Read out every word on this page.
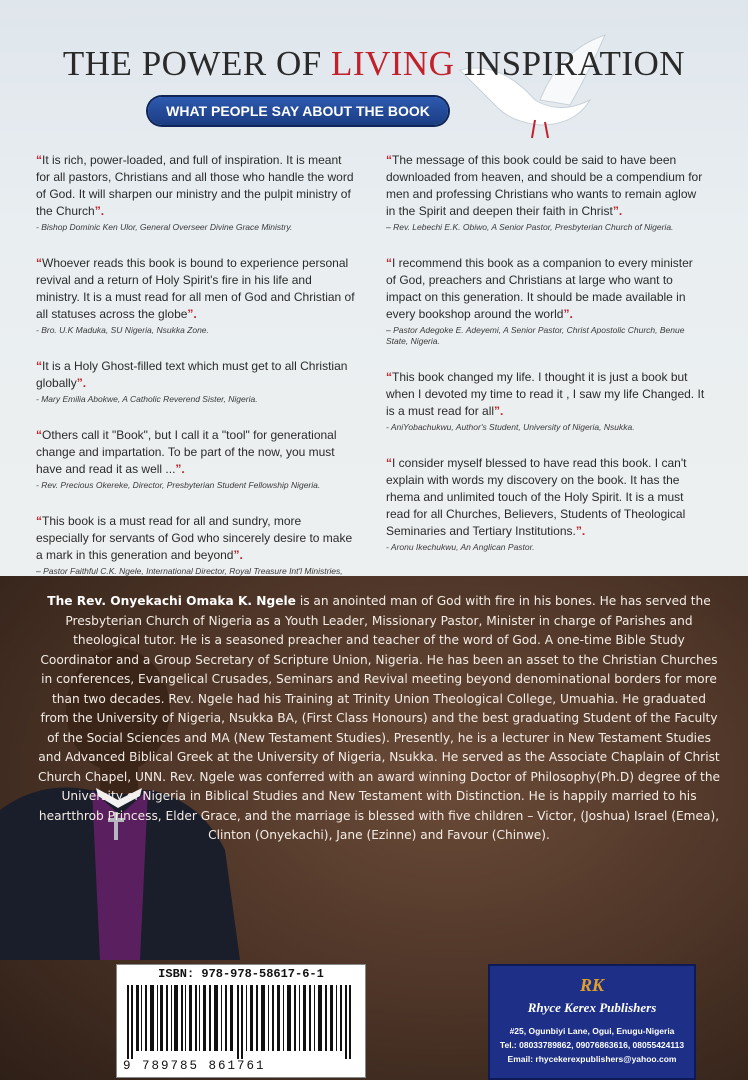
THE POWER OF LIVING INSPIRATION
WHAT PEOPLE SAY ABOUT THE BOOK
“ It is rich, power-loaded, and full of inspiration. It is meant for all pastors, Christians and all those who handle the word of God. It will sharpen our ministry and the pulpit ministry of the Church ”.
- Bishop Dominic Ken Ulor, General Overseer Divine Grace Ministry.
“ Whoever reads this book is bound to experience personal revival and a return of Holy Spirit's fire in his life and ministry. It is a must read for all men of God and Christian of all statuses across the globe ”.
- Bro. U.K Maduka, SU Nigeria, Nsukka Zone.
“ It is a Holy Ghost-filled text which must get to all Christian globally ”.
- Mary Emilia Abokwe, A Catholic Reverend Sister, Nigeria.
“ Others call it "Book", but I call it a "tool" for generational change and impartation. To be part of the now, you must have and read it as well ... ”.
- Rev. Precious Okereke, Director, Presbyterian Student Fellowship Nigeria.
“ This book is a must read for all and sundry, more especially for servants of God who sincerely desire to make a mark in this generation and beyond ”.
– Pastor Faithful C.K. Ngele, International Director, Royal Treasure Int'l Ministries,
“ The message of this book could be said to have been downloaded from heaven, and should be a compendium for men and professing Christians who wants to remain aglow in the Spirit and deepen their faith in Christ ”.
– Rev. Lebechi E.K. Obiwo, A Senior Pastor, Presbyterian Church of Nigeria.
“ I recommend this book as a companion to every minister of God, preachers and Christians at large who want to impact on this generation. It should be made available in every bookshop around the world ”.
– Pastor Adegoke E. Adeyemi, A Senior Pastor, Christ Apostolic Church, Benue State, Nigeria.
“ This book changed my life. I thought it is just a book but when I devoted my time to read it , I saw my life Changed. It is a must read for all ”.
- AniYobachukwu, Author's Student, University of Nigeria, Nsukka.
“ I consider myself blessed to have read this book. I can't explain with words my discovery on the book. It has the rhema and unlimited touch of the Holy Spirit. It is a must read for all Churches, Believers, Students of Theological Seminaries and Tertiary Institutions. ”.
- Aronu Ikechukwu, An Anglican Pastor.
The Rev. Onyekachi Omaka K. Ngele is an anointed man of God with fire in his bones. He has served the Presbyterian Church of Nigeria as a Youth Leader, Missionary Pastor, Minister in charge of Parishes and theological tutor. He is a seasoned preacher and teacher of the word of God. A one-time Bible Study Coordinator and a Group Secretary of Scripture Union, Nigeria. He has been an asset to the Christian Churches in conferences, Evangelical Crusades, Seminars and Revival meeting beyond denominational borders for more than two decades. Rev. Ngele had his Training at Trinity Union Theological College, Umuahia. He graduated from the University of Nigeria, Nsukka BA, (First Class Honours) and the best graduating Student of the Faculty of the Social Sciences and MA (New Testament Studies). Presently, he is a lecturer in New Testament Studies and Advanced Biblical Greek at the University of Nigeria, Nsukka. He served as the Associate Chaplain of Christ Church Chapel, UNN. Rev. Ngele was conferred with an award winning Doctor of Philosophy(Ph.D) degree of the University of Nigeria in Biblical Studies and New Testament with Distinction. He is happily married to his heartthrob Princess, Elder Grace, and the marriage is blessed with five children – Victor, (Joshua) Israel (Emea), Clinton (Onyekachi), Jane (Ezinne) and Favour (Chinwe).
ISBN: 978-978-58617-6-1
9 789785 861761
RK
Rhyce Kerex Publishers
#25, Ogunbiyi Lane, Ogui, Enugu-Nigeria
Tel.: 08033789862, 09076863616, 08055424113
Email: rhycekerexpublishers@yahoo.com
